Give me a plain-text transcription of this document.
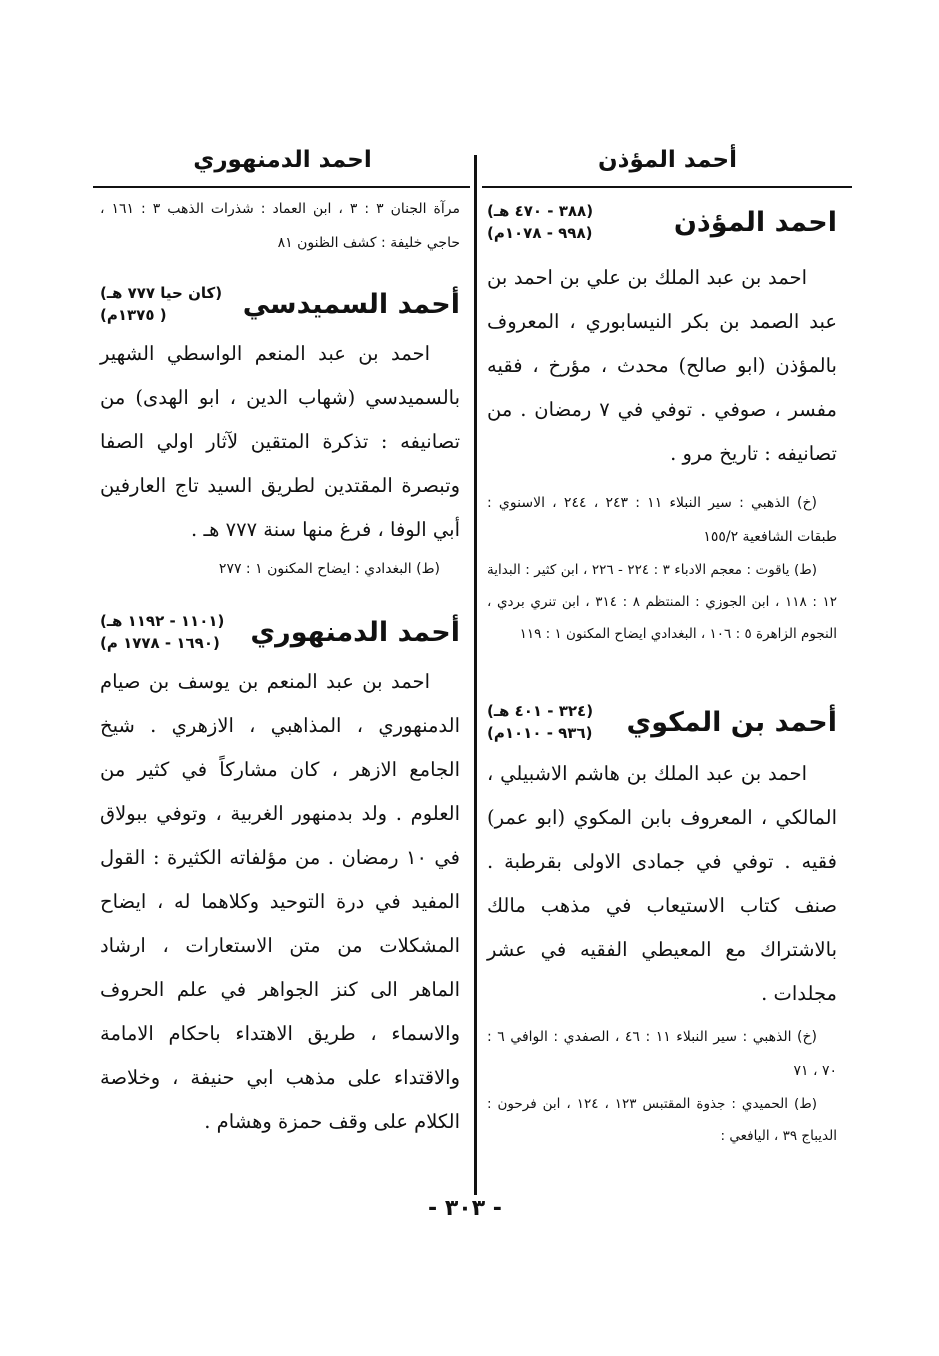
أحمد المؤذن
احمد الدمنهوري
احمد المؤذن
(٣٨٨ - ٤٧٠ هـ)
(٩٩٨ - ١٠٧٨م)

احمد بن عبد الملك بن علي بن احمد بن عبد الصمد بن بكر النيسابوري ، المعروف بالمؤذن (ابو صالح) محدث ، مؤرخ ، فقيه مفسر ، صوفي . توفي في ٧ رمضان . من تصانيفه : تاريخ مرو .

(خ) الذهبي : سير النبلاء ١١ : ٢٤٣ ، ٢٤٤ ، الاسنوي : طبقات الشافعية ١٥٥/٢

(ط) ياقوت : معجم الادباء ٣ : ٢٢٤ - ٢٢٦ ، ابن كثير : البداية ١٢ : ١١٨ ، ابن الجوزي : المنتظم ٨ : ٣١٤ ، ابن تنري بردي ، النجوم الزاهرة ٥ : ١٠٦ ، البغدادي ايضاح المكنون ١ : ١١٩

أحمد بن المكوي
(٣٢٤ - ٤٠١ هـ)
(٩٣٦ - ١٠١٠م)

احمد بن عبد الملك بن هاشم الاشبيلي ، المالكي ، المعروف بابن المكوي (ابو عمر) فقيه . توفي في جمادى الاولى بقرطبة . صنف كتاب الاستيعاب في مذهب مالك بالاشتراك مع المعيطي الفقيه في عشر مجلدات .

(خ) الذهبي : سير النبلاء ١١ : ٤٦ ، الصفدي : الوافي ٦ : ٧٠ ، ٧١

(ط) الحميدي : جذوة المقتبس ١٢٣ ، ١٢٤ ، ابن فرحون : الديباج ٣٩ ، اليافعي :

مرآة الجنان ٣ : ٣ ، ابن العماد : شذرات الذهب ٣ : ١٦١ ، حاجي خليفة : كشف الظنون ٨١

أحمد السميدسي
(كان حيا ٧٧٧ هـ)
( ١٣٧٥م)

احمد بن عبد المنعم الواسطي الشهير بالسميدسي (شهاب الدين ، ابو الهدى) من تصانيفه : تذكرة المتقين لآثار اولي الصفا وتبصرة المقتدين لطريق السيد تاج العارفين أبي الوفا ، فرغ منها سنة ٧٧٧ هـ .

(ط) البغدادي : ايضاح المكنون ١ : ٢٧٧

أحمد الدمنهوري
(١١٠١ - ١١٩٢ هـ)
(١٦٩٠ - ١٧٧٨ م)

احمد بن عبد المنعم بن يوسف بن صيام الدمنهوري ، المذاهبي ، الازهري . شيخ الجامع الازهر ، كان مشاركاً في كثير من العلوم . ولد بدمنهور الغربية ، وتوفي ببولاق في ١٠ رمضان . من مؤلفاته الكثيرة : القول المفيد في درة التوحيد وكلاهما له ، ايضاح المشكلات من متن الاستعارات ، ارشاد الماهر الى كنز الجواهر في علم الحروف والاسماء ، طريق الاهتداء باحكام الامامة والاقتداء على مذهب ابي حنيفة ، وخلاصة الكلام على وقف حمزة وهشام .

- ٣٠٣ -
